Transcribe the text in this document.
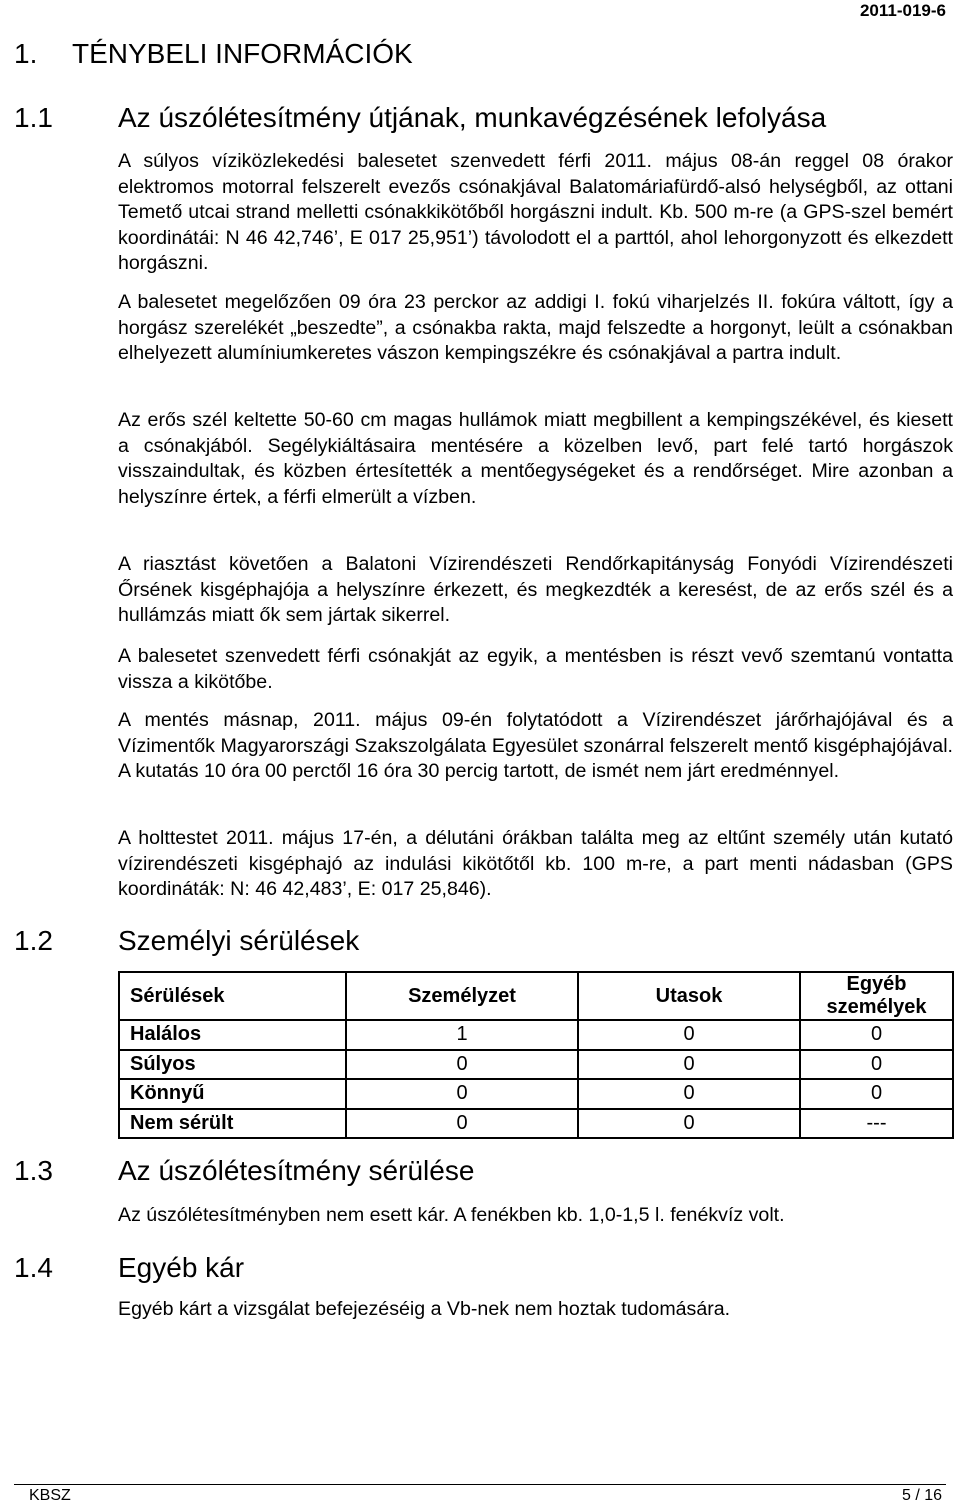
2011-019-6
1. TÉNYBELI INFORMÁCIÓK
1.1 Az úszólétesítmény útjának, munkavégzésének lefolyása

A súlyos víziközlekedési balesetet szenvedett férfi 2011. május 08-án reggel 08 órakor elektromos motorral felszerelt evezős csónakjával Balatomáriafürdő-alsó helységből, az ottani Temető utcai strand melletti csónakkikötőből horgászni indult. Kb. 500 m-re (a GPS-szel bemért koordinátái: N 46 42,746’, E 017 25,951’) távolodott el a parttól, ahol lehorgonyzott és elkezdett horgászni.

A balesetet megelőzően 09 óra 23 perckor az addigi I. fokú viharjelzés II. fokúra váltott, így a horgász szerelékét „beszedte”, a csónakba rakta, majd felszedte a horgonyt, leült a csónakban elhelyezett alumíniumkeretes vászon kempingszékre és csónakjával a partra indult.

Az erős szél keltette 50-60 cm magas hullámok miatt megbillent a kempingszékével, és kiesett a csónakjából. Segélykiáltásaira mentésére a közelben levő, part felé tartó horgászok visszaindultak, és közben értesítették a mentőegységeket és a rendőrséget. Mire azonban a helyszínre értek, a férfi elmerült a vízben.

A riasztást követően a Balatoni Vízirendészeti Rendőrkapitányság Fonyódi Vízirendészeti Őrsének kisgéphajója a helyszínre érkezett, és megkezdték a keresést, de az erős szél és a hullámzás miatt ők sem jártak sikerrel.

A balesetet szenvedett férfi csónakját az egyik, a mentésben is részt vevő szemtanú vontatta vissza a kikötőbe.

A mentés másnap, 2011. május 09-én folytatódott a Vízirendészet járőrhajójával és a Vízimentők Magyarországi Szakszolgálata Egyesület szonárral felszerelt mentő kisgéphajójával. A kutatás 10 óra 00 perctől 16 óra 30 percig tartott, de ismét nem járt eredménnyel.

A holttestet 2011. május 17-én, a délutáni órákban találta meg az eltűnt személy után kutató vízirendészeti kisgéphajó az indulási kikötőtől kb. 100 m-re, a part menti nádasban (GPS koordináták: N: 46 42,483’, E: 017 25,846).

1.2 Személyi sérülések
Sérülések	Személyzet	Utasok	Egyéb személyek
Halálos	1	0	0
Súlyos	0	0	0
Könnyű	0	0	0
Nem sérült	0	0	---
1.3 Az úszólétesítmény sérülése

Az úszólétesítményben nem esett kár. A fenékben kb. 1,0-1,5 l. fenékvíz volt.

1.4 Egyéb kár

Egyéb kárt a vizsgálat befejezéséig a Vb-nek nem hoztak tudomására.

KBSZ	5 / 16
